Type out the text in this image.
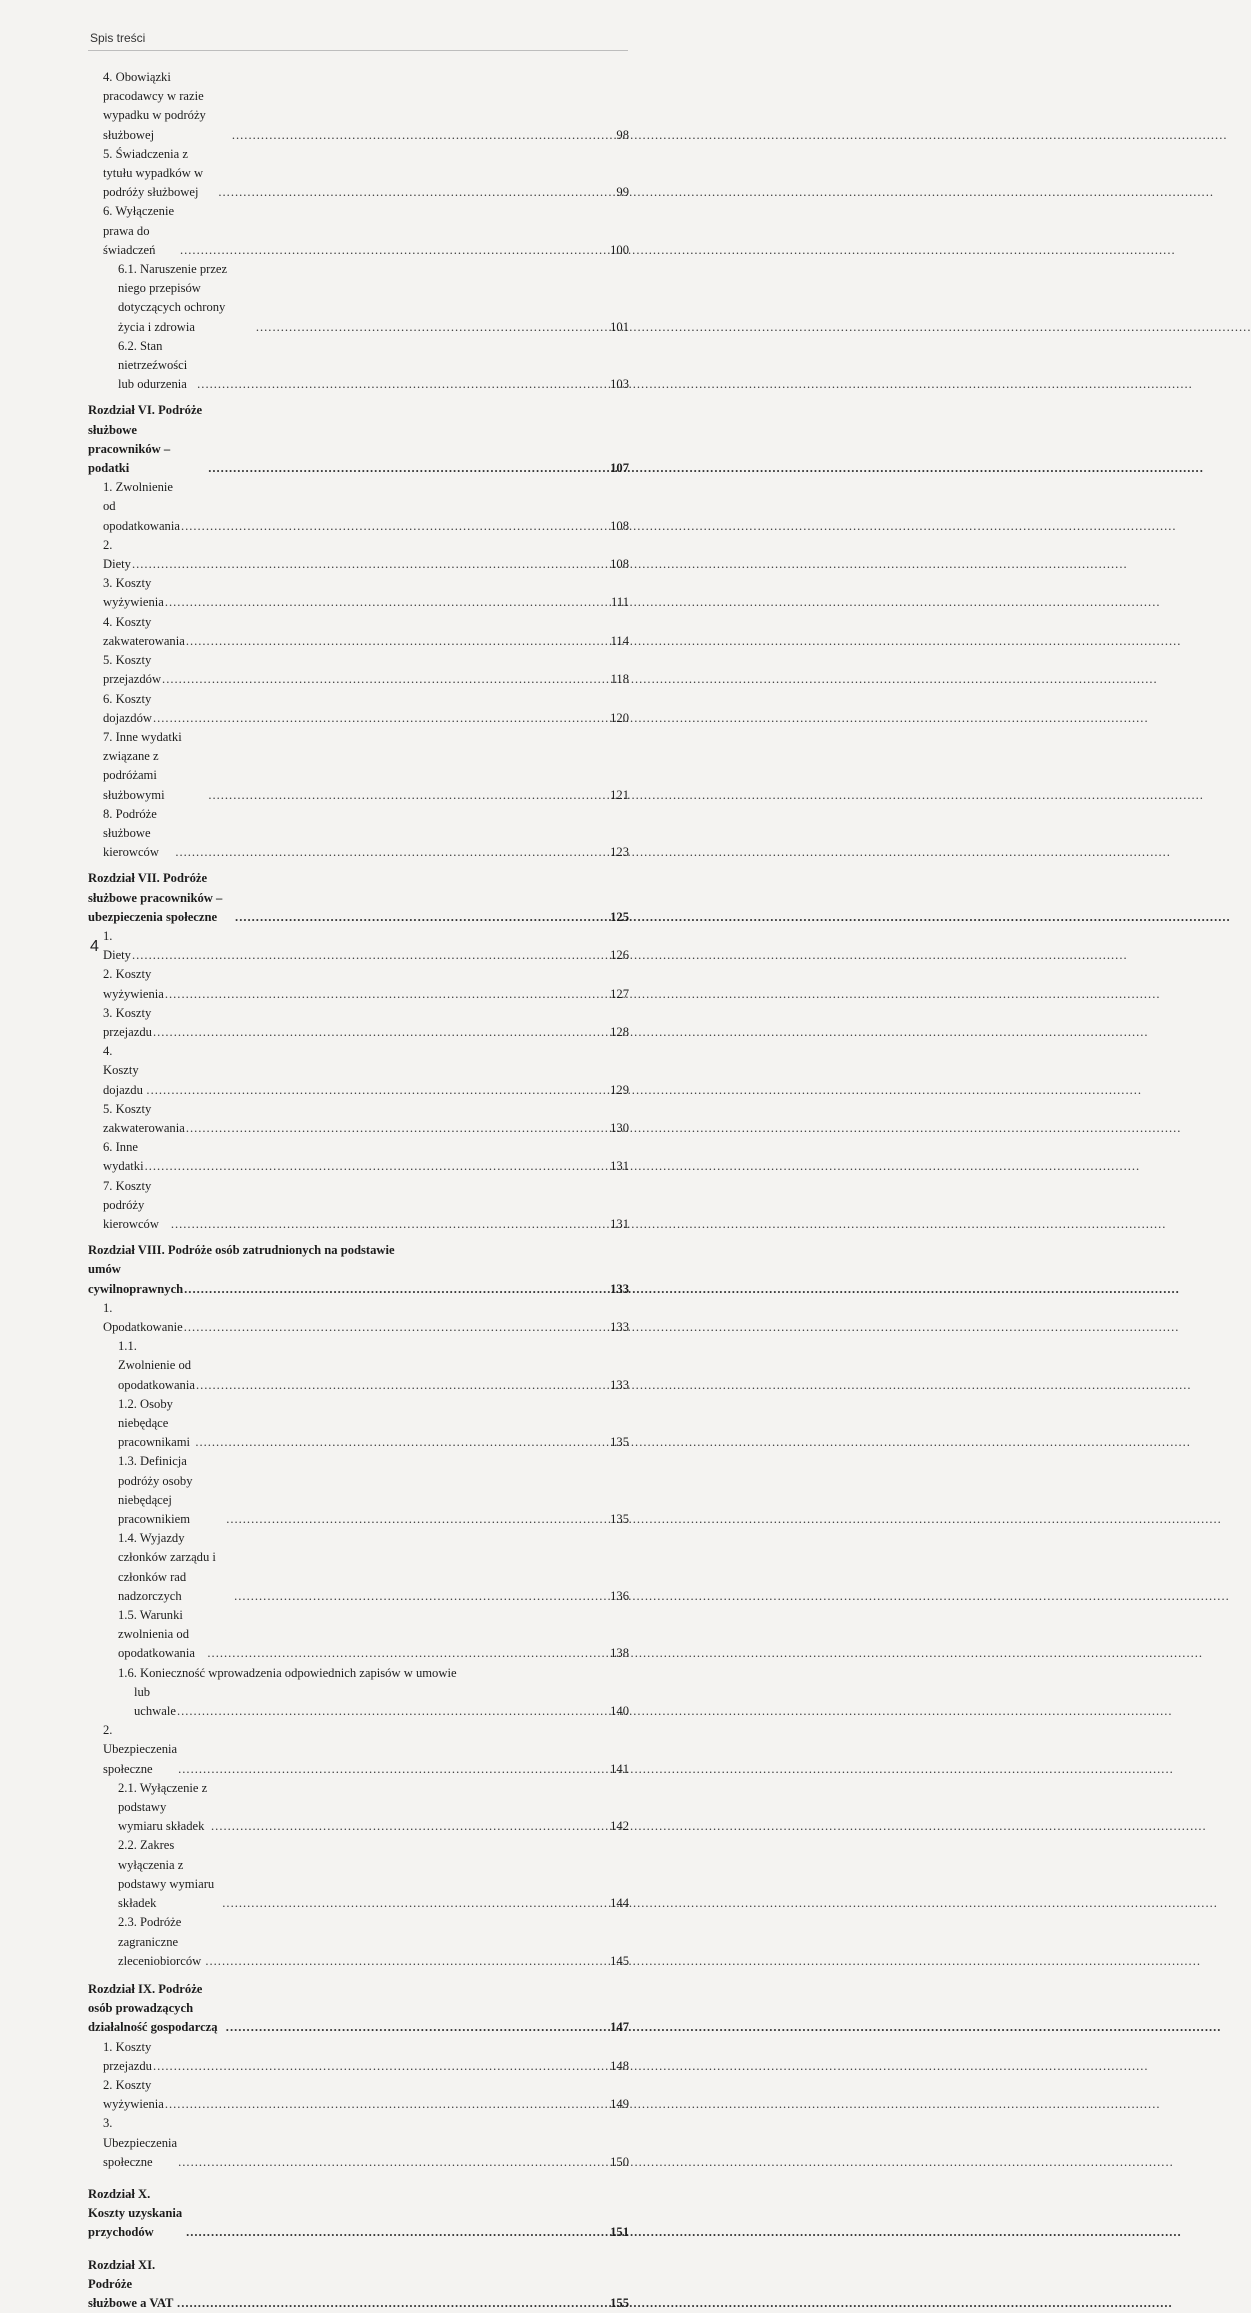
Spis treści
4. Obowiązki pracodawcy w razie wypadku w podróży służbowej .....	98
5. Świadczenia z tytułu wypadków w podróży służbowej .....	99
6. Wyłączenie prawa do świadczeń .....	100
6.1. Naruszenie przez niego przepisów dotyczących ochrony życia i zdrowia .....	101
6.2. Stan nietrzeźwości lub odurzenia .....	103
Rozdział VI. Podróże służbowe pracowników – podatki .....	107
1. Zwolnienie od opodatkowania .....	108
2. Diety .....	108
3. Koszty wyżywienia .....	111
4. Koszty zakwaterowania .....	114
5. Koszty przejazdów .....	118
6. Koszty dojazdów .....	120
7. Inne wydatki związane z podróżami służbowymi .....	121
8. Podróże służbowe kierowców .....	123
Rozdział VII. Podróże służbowe pracowników – ubezpieczenia społeczne .....	125
1. Diety .....	126
2. Koszty wyżywienia .....	127
3. Koszty przejazdu .....	128
4. Koszty dojazdu .....	129
5. Koszty zakwaterowania .....	130
6. Inne wydatki .....	131
7. Koszty podróży kierowców .....	131
Rozdział VIII. Podróże osób zatrudnionych na podstawie
umów cywilnoprawnych .....	133
1. Opodatkowanie .....	133
1.1. Zwolnienie od opodatkowania .....	133
1.2. Osoby niebędące pracownikami .....	135
1.3. Definicja podróży osoby niebędącej pracownikiem .....	135
1.4. Wyjazdy członków zarządu i członków rad nadzorczych .....	136
1.5. Warunki zwolnienia od opodatkowania .....	138
1.6. Konieczność wprowadzenia odpowiednich zapisów w umowie
lub uchwale .....	140
2. Ubezpieczenia społeczne .....	141
2.1. Wyłączenie z podstawy wymiaru składek .....	142
2.2. Zakres wyłączenia z podstawy wymiaru składek .....	144
2.3. Podróże zagraniczne zleceniobiorców .....	145
Rozdział IX. Podróże osób prowadzących działalność gospodarczą .....	147
1. Koszty przejazdu .....	148
2. Koszty wyżywienia .....	149
3. Ubezpieczenia społeczne .....	150
Rozdział X. Koszty uzyskania przychodów .....	151
Rozdział XI. Podróże służbowe a VAT .....	155
4
